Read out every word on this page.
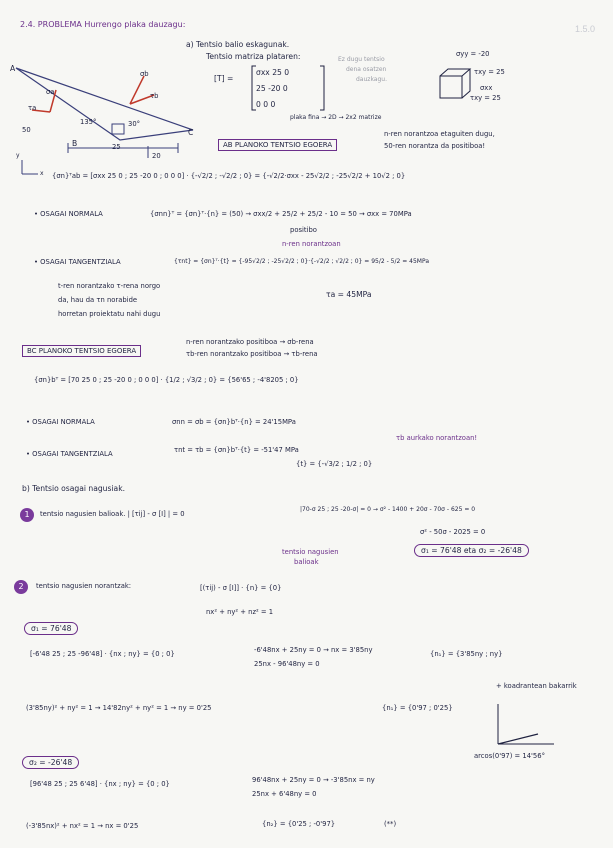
1.5.0
2.4. PROBLEMA Hurrengo plaka dauzagu:
A
B
C
σb
τb
τa
σa
50
135°	30°
25
20
y
x
a) Tentsio balio eskagunak.
Tentsio matriza plataren:
[T] =
σxx 25 0
25 -20 0
0 0 0
Ez dugu tentsio
dena osatzen
dauzkagu.
plaka fina → 2D → 2x2 matrize
σyy = -20
τxy = 25
σxx
τxy = 25
AB PLANOKO TENTSIO EGOERA
n-ren norantzoa etaguiten dugu,
50-ren norantza da positiboa!
{σn}ᵀab = [σxx 25 0 ; 25 -20 0 ; 0 0 0] · {-√2/2 ; -√2/2 ; 0} = {-√2/2·σxx - 25√2/2 ; -25√2/2 + 10√2 ; 0}
• OSAGAI NORMALA	{σnn}ᵀ = {σn}ᵀ·{n} = (50) → σxx/2 + 25/2 + 25/2 - 10 = 50 → σxx = 70MPa
positibo
n-ren norantzoan
• OSAGAI TANGENTZIALA	{τnt} = {σn}ᵀ·{t} = {-95√2/2 ; -25√2/2 ; 0}·{-√2/2 ; √2/2 ; 0} = 95/2 - 5/2 = 45MPa
t-ren norantzako τ-rena norgo
da, hau da τn norabide
horretan proiektatu nahi dugu
τa = 45MPa
BC PLANOKO TENTSIO EGOERA
n-ren norantzako positiboa → σb-rena
τb-ren norantzako positiboa → τb-rena
{σn}bᵀ = [70 25 0 ; 25 -20 0 ; 0 0 0] · {1/2 ; √3/2 ; 0} = {56'65 ; -4'8205 ; 0}
• OSAGAI NORMALA	σnn = σb = {σn}bᵀ·{n} = 24'15MPa
• OSAGAI TANGENTZIALA	τnt = τb = {σn}bᵀ·{t} = -51'47 MPa
τb aurkako norantzoan!
{t} = {-√3/2 ; 1/2 ; 0}
b) Tentsio osagai nagusiak.
1	tentsio nagusien balioak. | [τij] - σ [I] | = 0
|70-σ 25 ; 25 -20-σ| = 0 → σ² - 1400 + 20σ - 70σ - 625 = 0
σ² - 50σ - 2025 = 0
tentsio nagusien
balioak
σ₁ = 76'48 eta σ₂ = -26'48
2	tentsio nagusien norantzak:	[(τij) - σ [I]] · {n} = {0}
nx² + ny² + nz² = 1
σ₁ = 76'48
[-6'48 25 ; 25 -96'48] · {nx ; ny} = {0 ; 0}	-6'48nx + 25ny = 0 → nx = 3'85ny
25nx - 96'48ny = 0
{n₁} = {3'85ny ; ny}
(3'85ny)² + ny² = 1 → 14'82ny² + ny² = 1 → ny = 0'25	{n₁} = {0'97 ; 0'25}
+ koadrantean bakarrik
arcos(0'97) = 14'56°
σ₂ = -26'48
[96'48 25 ; 25 6'48] · {nx ; ny} = {0 ; 0}	96'48nx + 25ny = 0 → -3'85nx = ny
25nx + 6'48ny = 0
(-3'85nx)² + nx² = 1 → nx = 0'25	{n₂} = {0'25 ; -0'97}	(**)
